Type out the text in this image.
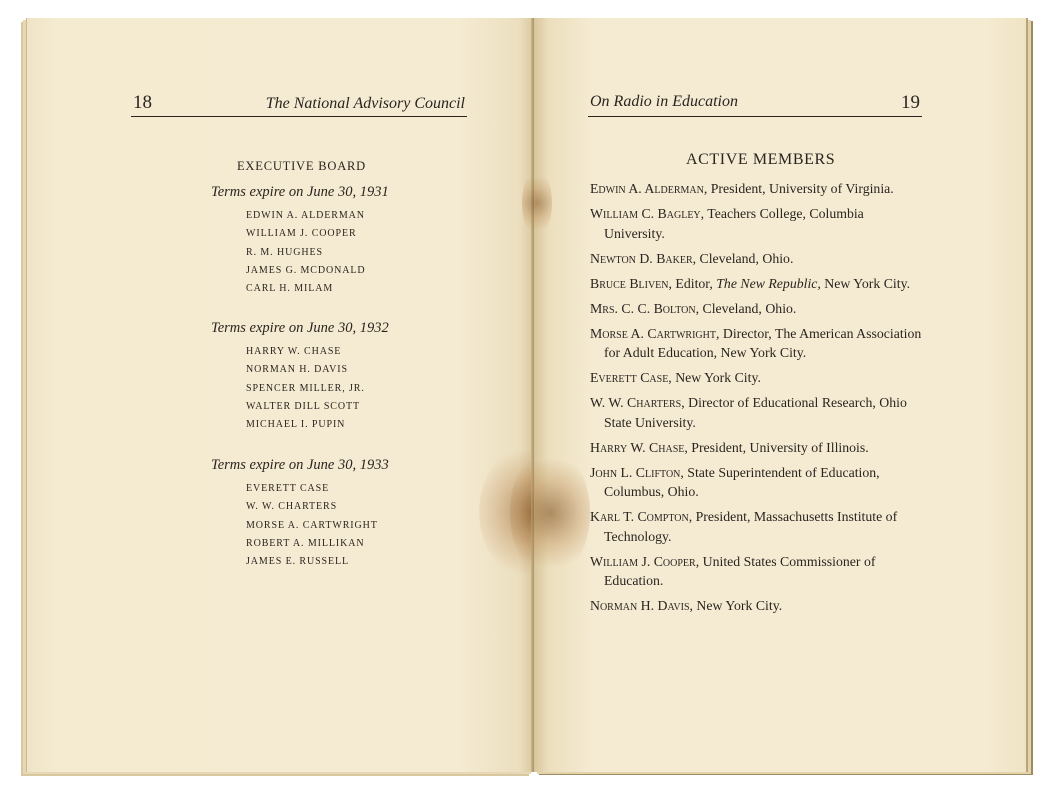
18	The National Advisory Council
EXECUTIVE BOARD
Terms expire on June 30, 1931
EDWIN A. ALDERMAN
WILLIAM J. COOPER
R. M. HUGHES
JAMES G. MCDONALD
CARL H. MILAM
Terms expire on June 30, 1932
HARRY W. CHASE
NORMAN H. DAVIS
SPENCER MILLER, JR.
WALTER DILL SCOTT
MICHAEL I. PUPIN
Terms expire on June 30, 1933
EVERETT CASE
W. W. CHARTERS
MORSE A. CARTWRIGHT
ROBERT A. MILLIKAN
JAMES E. RUSSELL
On Radio in Education	19
ACTIVE MEMBERS
Edwin A. Alderman, President, University of Virginia.
William C. Bagley, Teachers College, Columbia University.
Newton D. Baker, Cleveland, Ohio.
Bruce Bliven, Editor, The New Republic, New York City.
Mrs. C. C. Bolton, Cleveland, Ohio.
Morse A. Cartwright, Director, The American Association for Adult Education, New York City.
Everett Case, New York City.
W. W. Charters, Director of Educational Research, Ohio State University.
Harry W. Chase, President, University of Illinois.
John L. Clifton, State Superintendent of Education, Columbus, Ohio.
Karl T. Compton, President, Massachusetts Institute of Technology.
William J. Cooper, United States Commissioner of Education.
Norman H. Davis, New York City.
